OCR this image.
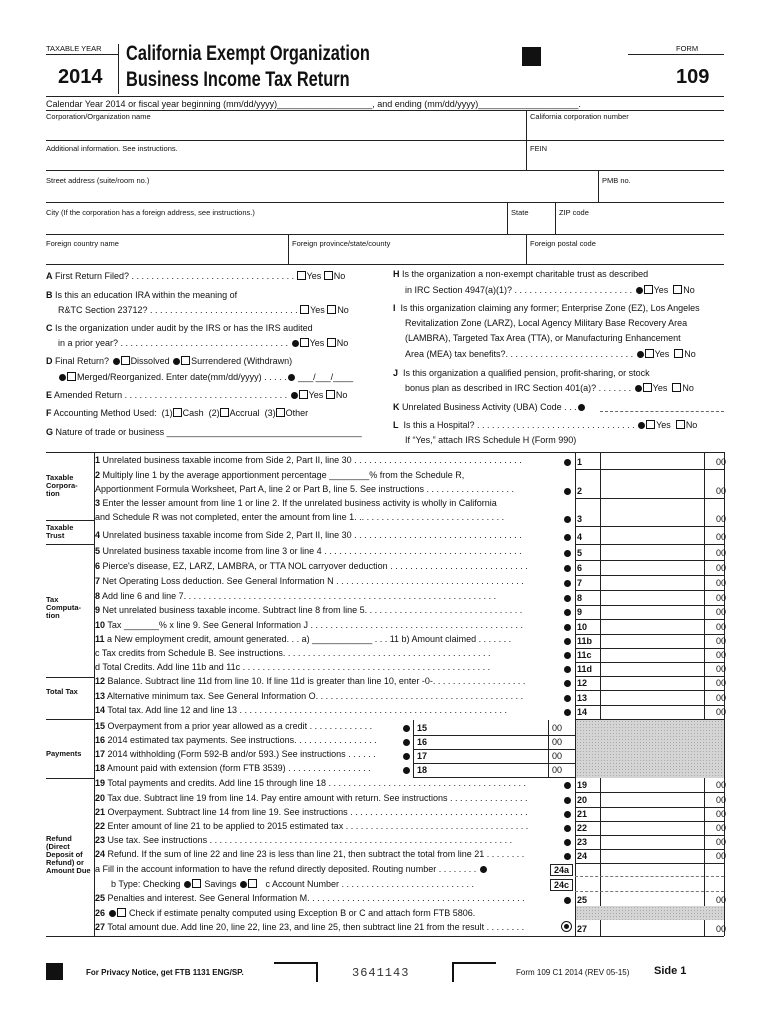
TAXABLE YEAR
2014
California Exempt Organization
Business Income Tax Return
FORM
109
Calendar Year 2014 or fiscal year beginning (mm/dd/yyyy)___________________, and ending (mm/dd/yyyy)____________________.
Corporation/Organization name	California corporation number
Additional information. See instructions.	FEIN
Street address (suite/room no.)	PMB no.
City (If the corporation has a foreign address, see instructions.)	State	ZIP code
Foreign country name	Foreign province/state/county	Foreign postal code
A First Return Filed? . . . . . . . . . . . . . . . . . . . . . . . . . . . . . . . . . Yes No
B Is this an education IRA within the meaning of
R&TC Section 23712? . . . . . . . . . . . . . . . . . . . . . . . . . . . . . . Yes No
C Is the organization under audit by the IRS or has the IRS audited
in a prior year? . . . . . . . . . . . . . . . . . . . . . . . . . . . . . . . . . . Yes No
D Final Return? Dissolved Surrendered (Withdrawn)
Merged/Reorganized. Enter date(mm/dd/yyyy) . . . . . ___/___/____
E Amended Return . . . . . . . . . . . . . . . . . . . . . . . . . . . . . . . . . Yes No
F Accounting Method Used: (1) Cash (2) Accrual (3) Other
G Nature of trade or business _______________________________________
H Is the organization a non-exempt charitable trust as described
in IRC Section 4947(a)(1)? . . . . . . . . . . . . . . . . . . . . . . . . Yes No
I Is this organization claiming any former; Enterprise Zone (EZ), Los Angeles
Revitalization Zone (LARZ), Local Agency Military Base Recovery Area
(LAMBRA), Targeted Tax Area (TTA), or Manufacturing Enhancement
Area (MEA) tax benefits?. . . . . . . . . . . . . . . . . . . . . . . . . . Yes No
J Is this organization a qualified pension, profit-sharing, or stock
bonus plan as described in IRC Section 401(a)? . . . . . . . Yes No
K Unrelated Business Activity (UBA) Code . . .
L Is this a Hospital? . . . . . . . . . . . . . . . . . . . . . . . . . . . . . . . . Yes No
If “Yes,” attach IRS Schedule H (Form 990)
Taxable Corpora- tion
Taxable Trust
Tax Computa- tion
Total Tax
Payments
Refund (Direct Deposit of Refund) or Amount Due
1 Unrelated business taxable income from Side 2, Part II, line 30 . . . . . . . . . . . . . . . . . . . . . . . . . . . . . . . . . .	1	00
2 Multiply line 1 by the average apportionment percentage ________% from the Schedule R,
Apportionment Formula Worksheet, Part A, line 2 or Part B, line 5. See instructions . . . . . . . . . . . . . . . . . .	2	00
3 Enter the lesser amount from line 1 or line 2. If the unrelated business activity is wholly in California
and Schedule R was not completed, enter the amount from line 1. .. . . . . . . . . . . . . . . . . . . . . . . . . . . . .	3	00
4 Unrelated business taxable income from Side 2, Part II, line 30 . . . . . . . . . . . . . . . . . . . . . . . . . . . . . . . . . .	4	00
5 Unrelated business taxable income from line 3 or line 4 . . . . . . . . . . . . . . . . . . . . . . . . . . . . . . . . . . . . . . . .	5	00
6 Pierce's disease, EZ, LARZ, LAMBRA, or TTA NOL carryover deduction . . . . . . . . . . . . . . . . . . . . . . . . . . . .	6	00
7 Net Operating Loss deduction. See General Information N . . . . . . . . . . . . . . . . . . . . . . . . . . . . . . . . . . . . . .	7	00
8 Add line 6 and line 7. . . . . . . . . . . . . . . . . . . . . . . . . . . . . . . . . . . . . . . . . . . . . . . . . . . . . . . . . . . . . . .	8	00
9 Net unrelated business taxable income. Subtract line 8 from line 5. . . . . . . . . . . . . . . . . . . . . . . . . . . . . . . .	9	00
10 Tax _______% x line 9. See General Information J . . . . . . . . . . . . . . . . . . . . . . . . . . . . . . . . . . . . . . . . . . .	10	00
11 a New employment credit, amount generated. . . a) ____________ . . . 11 b) Amount claimed . . . . . . .	11b	00
c Tax credits from Schedule B. See instructions. . . . . . . . . . . . . . . . . . . . . . . . . . . . . . . . . . . . . . . . . .	11c	00
d Total Credits. Add line 11b and 11c . . . . . . . . . . . . . . . . . . . . . . . . . . . . . . . . . . . . . . . . . . . . . . . . . .	11d	00
12 Balance. Subtract line 11d from line 10. If line 11d is greater than line 10, enter -0-. . . . . . . . . . . . . . . . . . .	12	00
13 Alternative minimum tax. See General Information O. . . . . . . . . . . . . . . . . . . . . . . . . . . . . . . . . . . . . . . . . .	13	00
14 Total tax. Add line 12 and line 13 . . . . . . . . . . . . . . . . . . . . . . . . . . . . . . . . . . . . . . . . . . . . . . . . . . . . . .	14	00
15 Overpayment from a prior year allowed as a credit . . . . . . . . . . . . .	15	00
16 2014 estimated tax payments. See instructions. . . . . . . . . . . . . . . . .	16	00
17 2014 withholding (Form 592-B and/or 593.) See instructions . . . . . .	17	00
18 Amount paid with extension (form FTB 3539) . . . . . . . . . . . . . . . . .	18	00
19 Total payments and credits. Add line 15 through line 18 . . . . . . . . . . . . . . . . . . . . . . . . . . . . . . . . . . . . . . . .	19	00
20 Tax due. Subtract line 19 from line 14. Pay entire amount with return. See instructions . . . . . . . . . . . . . . . .	20	00
21 Overpayment. Subtract line 14 from line 19. See instructions . . . . . . . . . . . . . . . . . . . . . . . . . . . . . . . . . . . .	21	00
22 Enter amount of line 21 to be applied to 2015 estimated tax . . . . . . . . . . . . . . . . . . . . . . . . . . . . . . . . . . . . .	22	00
23 Use tax. See instructions . . . . . . . . . . . . . . . . . . . . . . . . . . . . . . . . . . . . . . . . . . . . . . . . . . . . . . . . . . . . .	23	00
24 Refund. If the sum of line 22 and line 23 is less than line 21, then subtract the total from line 21 . . . . . . . .	24	00
a Fill in the account information to have the refund directly deposited. Routing number . . . . . . . .	24a
b Type: Checking	Savings	c Account Number . . . . . . . . . . . . . . . . . . . . . . . . . . .	24c
25 Penalties and interest. See General Information M. . . . . . . . . . . . . . . . . . . . . . . . . . . . . . . . . . . . . . . . . . . .	25	00
26	Check if estimate penalty computed using Exception B or C and attach form FTB 5806.
27 Total amount due. Add line 20, line 22, line 23, and line 25, then subtract line 21 from the result . . . . . . . .	27	00
For Privacy Notice, get FTB 1131 ENG/SP.	3641143	Form 109 C1 2014 (REV 05-15) Side 1
